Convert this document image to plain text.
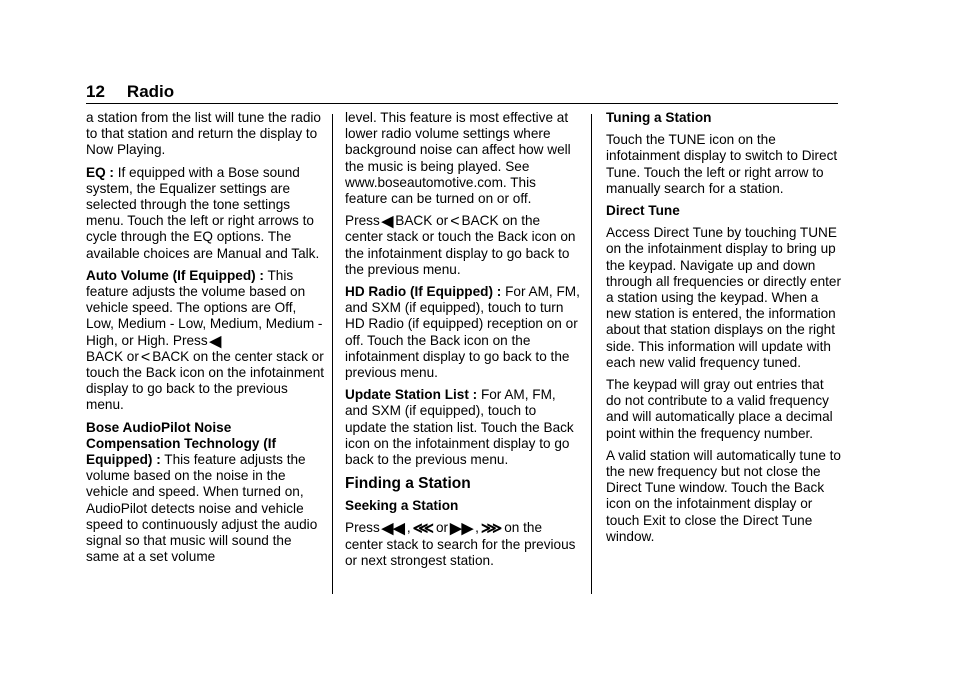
12 Radio

a station from the list will tune the radio to that station and return the display to Now Playing.

EQ : If equipped with a Bose sound system, the Equalizer settings are selected through the tone settings menu. Touch the left or right arrows to cycle through the EQ options. The available choices are Manual and Talk.

Auto Volume (If Equipped) : This feature adjusts the volume based on vehicle speed. The options are Off, Low, Medium - Low, Medium, Medium - High, or High. Press ◀
BACK or < BACK on the center stack or touch the Back icon on the infotainment display to go back to the previous menu.

Bose AudioPilot Noise Compensation Technology (If Equipped) : This feature adjusts the volume based on the noise in the vehicle and speed. When turned on, AudioPilot detects noise and vehicle speed to continuously adjust the audio signal so that music will sound the same at a set volume

level. This feature is most effective at lower radio volume settings where background noise can affect how well the music is being played. See www.boseautomotive.com. This feature can be turned on or off.

Press ◀ BACK or < BACK on the center stack or touch the Back icon on the infotainment display to go back to the previous menu.

HD Radio (If Equipped) : For AM, FM, and SXM (if equipped), touch to turn HD Radio (if equipped) reception on or off. Touch the Back icon on the infotainment display to go back to the previous menu.

Update Station List : For AM, FM, and SXM (if equipped), touch to update the station list. Touch the Back icon on the infotainment display to go back to the previous menu.

Finding a Station
Seeking a Station

Press ◀◀ , ⋘ or ▶▶ , ⋙ on the center stack to search for the previous or next strongest station.

Tuning a Station

Touch the TUNE icon on the infotainment display to switch to Direct Tune. Touch the left or right arrow to manually search for a station.

Direct Tune

Access Direct Tune by touching TUNE on the infotainment display to bring up the keypad. Navigate up and down through all frequencies or directly enter a station using the keypad. When a new station is entered, the information about that station displays on the right side. This information will update with each new valid frequency tuned.

The keypad will gray out entries that do not contribute to a valid frequency and will automatically place a decimal point within the frequency number.

A valid station will automatically tune to the new frequency but not close the Direct Tune window. Touch the Back icon on the infotainment display or touch Exit to close the Direct Tune window.
